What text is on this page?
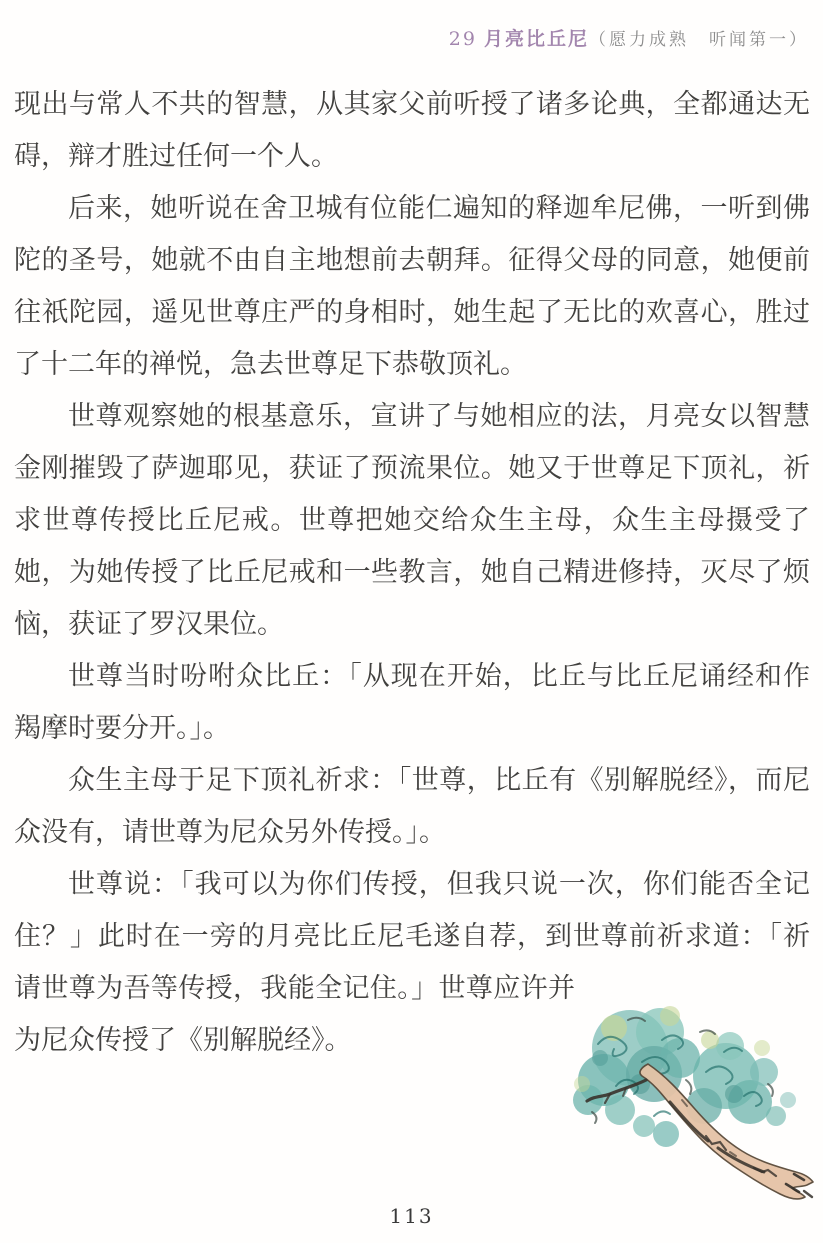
29 月亮比丘尼（愿力成熟　听闻第一）

现出与常人不共的智慧，从其家父前听授了诸多论典，全都通达无碍，辩才胜过任何一个人。

后来，她听说在舍卫城有位能仁遍知的释迦牟尼佛，一听到佛陀的圣号，她就不由自主地想前去朝拜。征得父母的同意，她便前往祇陀园，遥见世尊庄严的身相时，她生起了无比的欢喜心，胜过了十二年的禅悦，急去世尊足下恭敬顶礼。

世尊观察她的根基意乐，宣讲了与她相应的法，月亮女以智慧金刚摧毁了萨迦耶见，获证了预流果位。她又于世尊足下顶礼，祈求世尊传授比丘尼戒。世尊把她交给众生主母，众生主母摄受了她，为她传授了比丘尼戒和一些教言，她自己精进修持，灭尽了烦恼，获证了罗汉果位。

世尊当时吩咐众比丘：「从现在开始，比丘与比丘尼诵经和作羯摩时要分开。」。

众生主母于足下顶礼祈求：「世尊，比丘有《别解脱经》，而尼众没有，请世尊为尼众另外传授。」。

世尊说：「我可以为你们传授，但我只说一次，你们能否全记住？」此时在一旁的月亮比丘尼毛遂自荐，到世尊前祈求道：「祈请世尊为吾等传授，我能全记住。」世尊应许并为尼众传授了《别解脱经》。

113
